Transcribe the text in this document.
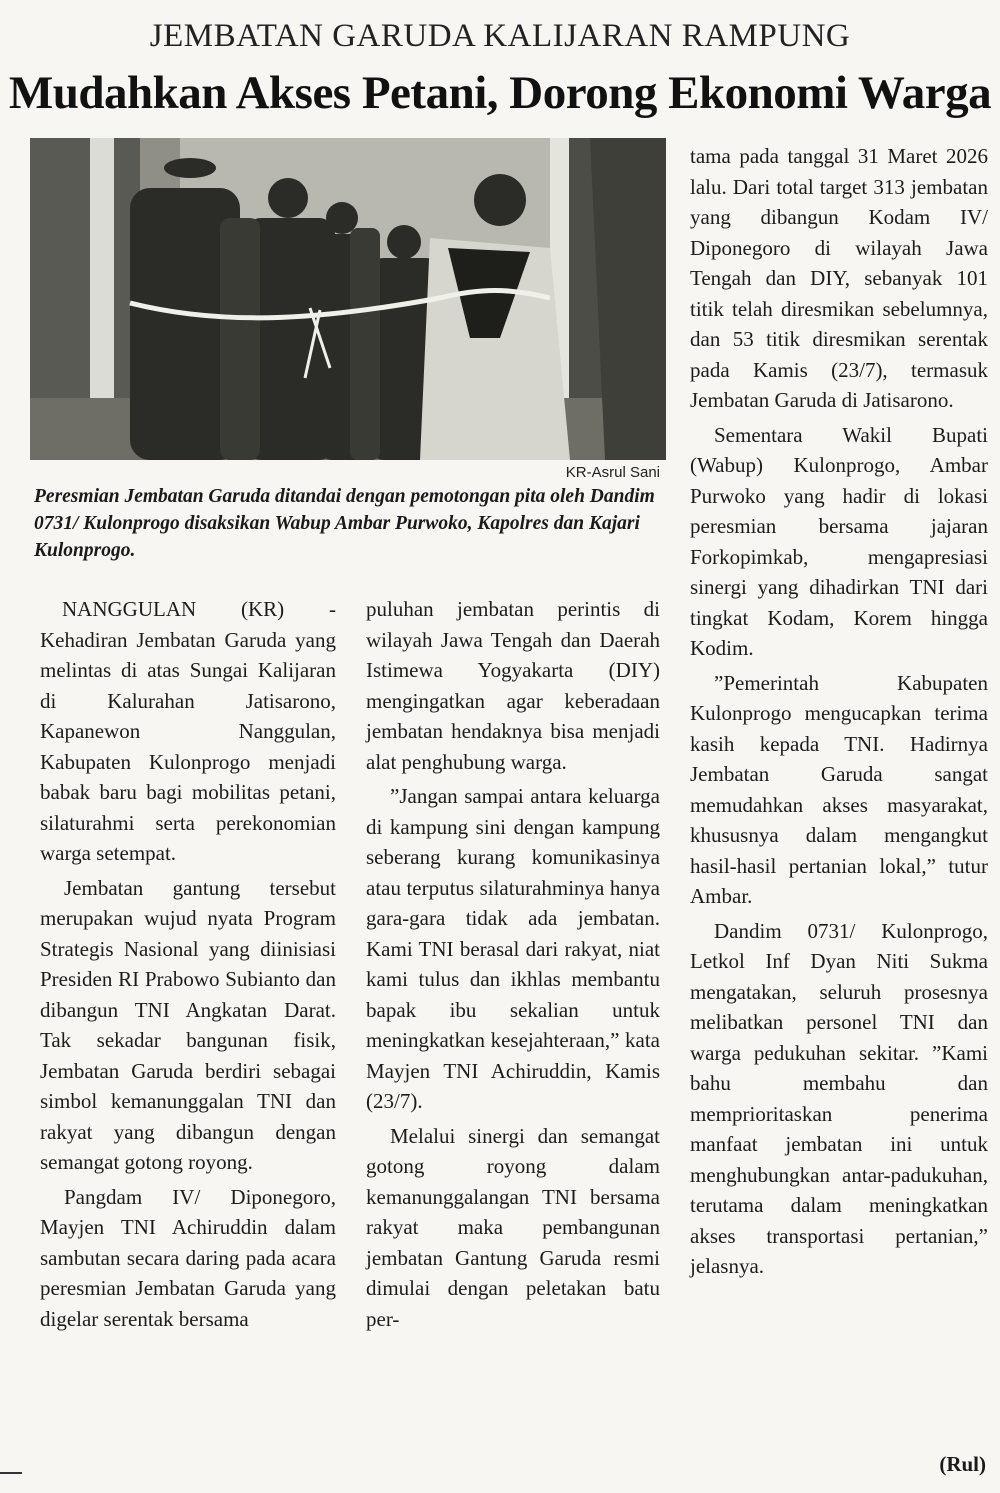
JEMBATAN GARUDA KALIJARAN RAMPUNG
Mudahkan Akses Petani, Dorong Ekonomi Warga
KR-Asrul Sani

Peresmian Jembatan Garuda ditandai dengan pemotongan pita oleh Dandim 0731/ Kulonprogo disaksikan Wabup Ambar Purwoko, Kapolres dan Kajari Kulonprogo.

NANGGULAN (KR) - Kehadiran Jembatan Garuda yang melintas di atas Sungai Kalijaran di Kalurahan Jatisarono, Kapanewon Nanggulan, Kabupaten Kulonprogo menjadi babak baru bagi mobilitas petani, silaturahmi serta perekonomian warga setempat.

Jembatan gantung tersebut merupakan wujud nyata Program Strategis Nasional yang diinisiasi Presiden RI Prabowo Subianto dan dibangun TNI Angkatan Darat. Tak sekadar bangunan fisik, Jembatan Garuda berdiri sebagai simbol kemanunggalan TNI dan rakyat yang dibangun dengan semangat gotong royong.

Pangdam IV/ Diponegoro, Mayjen TNI Achiruddin dalam sambutan secara daring pada acara peresmian Jembatan Garuda yang digelar serentak bersama

puluhan jembatan perintis di wilayah Jawa Tengah dan Daerah Istimewa Yogyakarta (DIY) mengingatkan agar keberadaan jembatan hendaknya bisa menjadi alat penghubung warga.

”Jangan sampai antara keluarga di kampung sini dengan kampung seberang kurang komunikasinya atau terputus silaturahminya hanya gara-gara tidak ada jembatan. Kami TNI berasal dari rakyat, niat kami tulus dan ikhlas membantu bapak ibu sekalian untuk meningkatkan kesejahteraan,” kata Mayjen TNI Achiruddin, Kamis (23/7).

Melalui sinergi dan semangat gotong royong dalam kemanunggalangan TNI bersama rakyat maka pembangunan jembatan Gantung Garuda resmi dimulai dengan peletakan batu per-

tama pada tanggal 31 Maret 2026 lalu. Dari total target 313 jembatan yang dibangun Kodam IV/ Diponegoro di wilayah Jawa Tengah dan DIY, sebanyak 101 titik telah diresmikan sebelumnya, dan 53 titik diresmikan serentak pada Kamis (23/7), termasuk Jembatan Garuda di Jatisarono.

Sementara Wakil Bupati (Wabup) Kulonprogo, Ambar Purwoko yang hadir di lokasi peresmian bersama jajaran Forkopimkab, mengapresiasi sinergi yang dihadirkan TNI dari tingkat Kodam, Korem hingga Kodim.

”Pemerintah Kabupaten Kulonprogo mengucapkan terima kasih kepada TNI. Hadirnya Jembatan Garuda sangat memudahkan akses masyarakat, khususnya dalam mengangkut hasil-hasil pertanian lokal,” tutur Ambar.

Dandim 0731/ Kulonprogo, Letkol Inf Dyan Niti Sukma mengatakan, seluruh prosesnya melibatkan personel TNI dan warga pedukuhan sekitar. ”Kami bahu membahu dan memprioritaskan penerima manfaat jembatan ini untuk menghubungkan antar-padukuhan, terutama dalam meningkatkan akses transportasi pertanian,” jelasnya.

(Rul)
